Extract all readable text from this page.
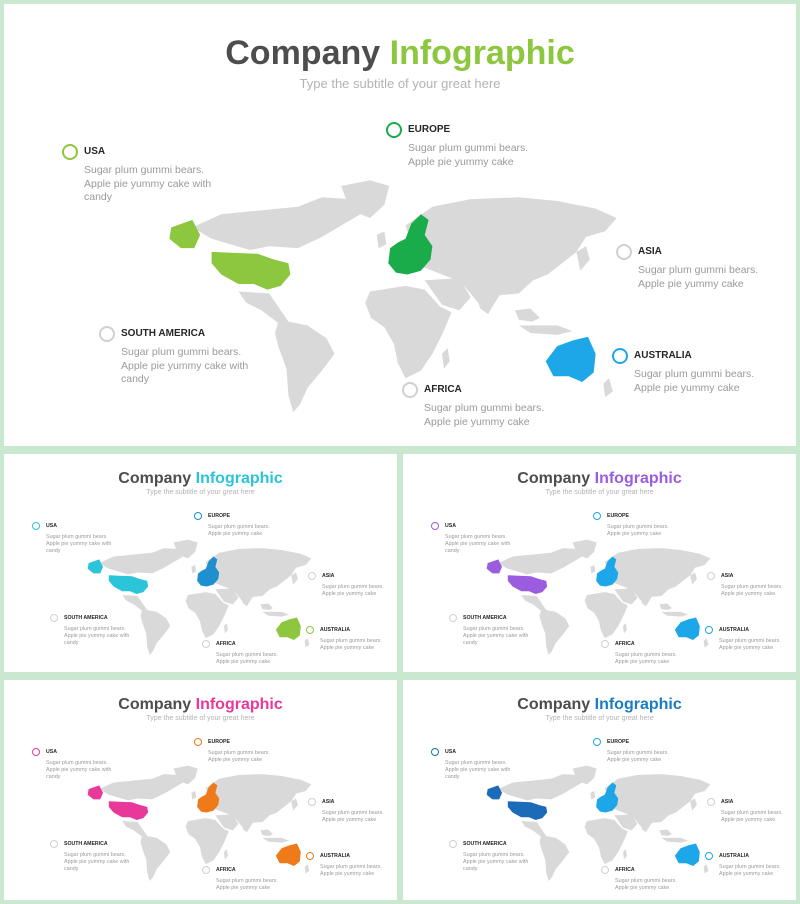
Company Infographic
Type the subtitle of your great here
USA
Sugar plum gummi bears. Apple pie yummy cake with candy
EUROPE
Sugar plum gummi bears. Apple pie yummy cake
ASIA
Sugar plum gummi bears. Apple pie yummy cake
SOUTH AMERICA
Sugar plum gummi bears. Apple pie yummy cake with candy
AFRICA
Sugar plum gummi bears. Apple pie yummy cake
AUSTRALIA
Sugar plum gummi bears. Apple pie yummy cake
Company Infographic
Type the subtitle of your great here
USA
Sugar plum gummi bears. Apple pie yummy cake with candy
EUROPE
Sugar plum gummi bears. Apple pie yummy cake
ASIA
Sugar plum gummi bears. Apple pie yummy cake
SOUTH AMERICA
Sugar plum gummi bears. Apple pie yummy cake with candy	AFRICA
Sugar plum gummi bears. Apple pie yummy cake
AUSTRALIA
Sugar plum gummi bears. Apple pie yummy cake
Company Infographic
Type the subtitle of your great here
USA
Sugar plum gummi bears. Apple pie yummy cake with candy
EUROPE
Sugar plum gummi bears. Apple pie yummy cake
ASIA
Sugar plum gummi bears. Apple pie yummy cake
SOUTH AMERICA
Sugar plum gummi bears. Apple pie yummy cake with candy	AFRICA
Sugar plum gummi bears. Apple pie yummy cake
AUSTRALIA
Sugar plum gummi bears. Apple pie yummy cake
Company Infographic
Type the subtitle of your great here
USA
Sugar plum gummi bears. Apple pie yummy cake with candy
EUROPE
Sugar plum gummi bears. Apple pie yummy cake
ASIA
Sugar plum gummi bears. Apple pie yummy cake
SOUTH AMERICA
Sugar plum gummi bears. Apple pie yummy cake with candy	AFRICA
Sugar plum gummi bears. Apple pie yummy cake
AUSTRALIA
Sugar plum gummi bears. Apple pie yummy cake
Company Infographic
Type the subtitle of your great here
USA
Sugar plum gummi bears. Apple pie yummy cake with candy
EUROPE
Sugar plum gummi bears. Apple pie yummy cake
ASIA
Sugar plum gummi bears. Apple pie yummy cake
SOUTH AMERICA
Sugar plum gummi bears. Apple pie yummy cake with candy	AFRICA
Sugar plum gummi bears. Apple pie yummy cake
AUSTRALIA
Sugar plum gummi bears. Apple pie yummy cake
